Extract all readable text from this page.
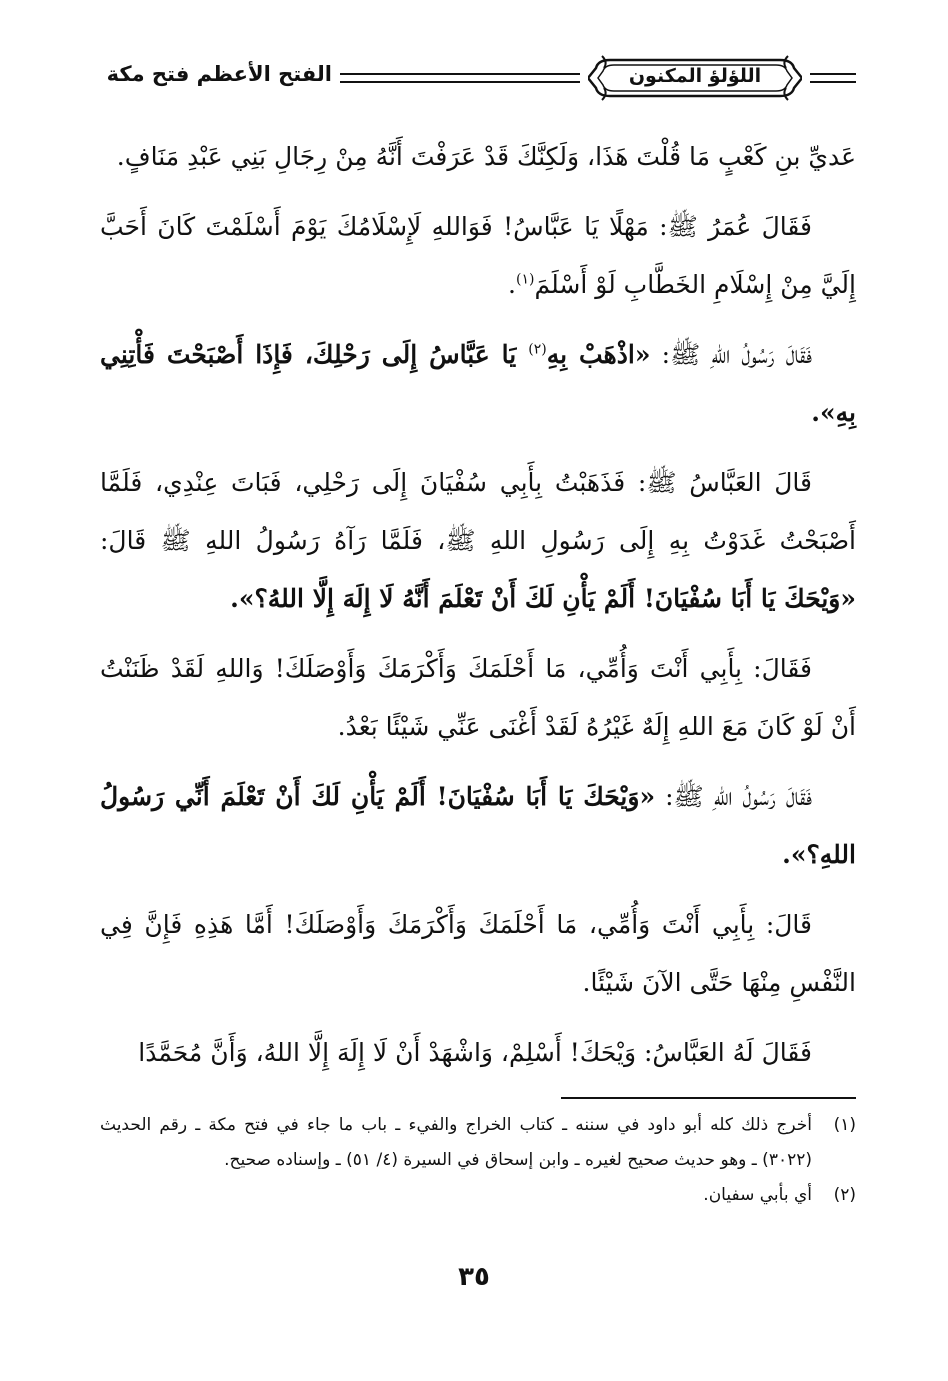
الفتح الأعظم فتح مكة	اللؤلؤ المكنون

عَديِّ بنِ كَعْبٍ مَا قُلْتَ هَذَا، وَلَكِنَّكَ قَدْ عَرَفْتَ أَنَّهُ مِنْ رِجَالِ بَنِي عَبْدِ مَنَافٍ.

فَقَالَ عُمَرُ ﷺ: مَهْلًا يَا عَبَّاسُ! فَوَاللهِ لَإِسْلَامُكَ يَوْمَ أَسْلَمْتَ كَانَ أَحَبَّ إِلَيَّ مِنْ إِسْلَامِ الخَطَّابِ لَوْ أَسْلَمَ$^{(١)}$.

فَقَالَ رَسُولُ اللهِ ﷺ: «اذْهَبْ بِهِ$^{(٢)}$ يَا عَبَّاسُ إِلَى رَحْلِكَ، فَإِذَا أَصْبَحْتَ فَأْتِنِي بِهِ».

قَالَ العَبَّاسُ ﷺ: فَذَهَبْتُ بِأَبِي سُفْيَانَ إِلَى رَحْلِي، فَبَاتَ عِنْدِي، فَلَمَّا أَصْبَحْتُ غَدَوْتُ بِهِ إِلَى رَسُولِ اللهِ ﷺ، فَلَمَّا رَآهُ رَسُولُ اللهِ ﷺ قَالَ: «وَيْحَكَ يَا أَبَا سُفْيَانَ! أَلَمْ يَأْنِ لَكَ أَنْ تَعْلَمَ أَنَّهُ لَا إِلَهَ إِلَّا اللهُ؟».

فَقَالَ: بِأَبِي أَنْتَ وَأُمِّي، مَا أَحْلَمَكَ وَأَكْرَمَكَ وَأَوْصَلَكَ! وَاللهِ لَقَدْ ظَنَنْتُ أَنْ لَوْ كَانَ مَعَ اللهِ إِلَهٌ غَيْرُهُ لَقَدْ أَغْنَى عَنِّي شَيْئًا بَعْدُ.

فَقَالَ رَسُولُ اللهِ ﷺ: «وَيْحَكَ يَا أَبَا سُفْيَانَ! أَلَمْ يَأْنِ لَكَ أَنْ تَعْلَمَ أَنِّي رَسُولُ اللهِ؟».

قَالَ: بِأَبِي أَنْتَ وَأُمِّي، مَا أَحْلَمَكَ وَأَكْرَمَكَ وَأَوْصَلَكَ! أَمَّا هَذِهِ فَإِنَّ فِي النَّفْسِ مِنْهَا حَتَّى الآنَ شَيْئًا.

فَقَالَ لَهُ العَبَّاسُ: وَيْحَكَ! أَسْلِمْ، وَاشْهَدْ أَنْ لَا إِلَهَ إِلَّا اللهُ، وَأَنَّ مُحَمَّدًا

(١)
أخرج ذلك كله أبو داود في سننه ـ كتاب الخراج والفيء ـ باب ما جاء في فتح مكة ـ رقم الحديث (٣٠٢٢) ـ وهو حديث صحيح لغيره ـ وابن إسحاق في السيرة (٤/ ٥١) ـ وإسناده صحيح.
(٢)
أي بأبي سفيان.
٣٥
